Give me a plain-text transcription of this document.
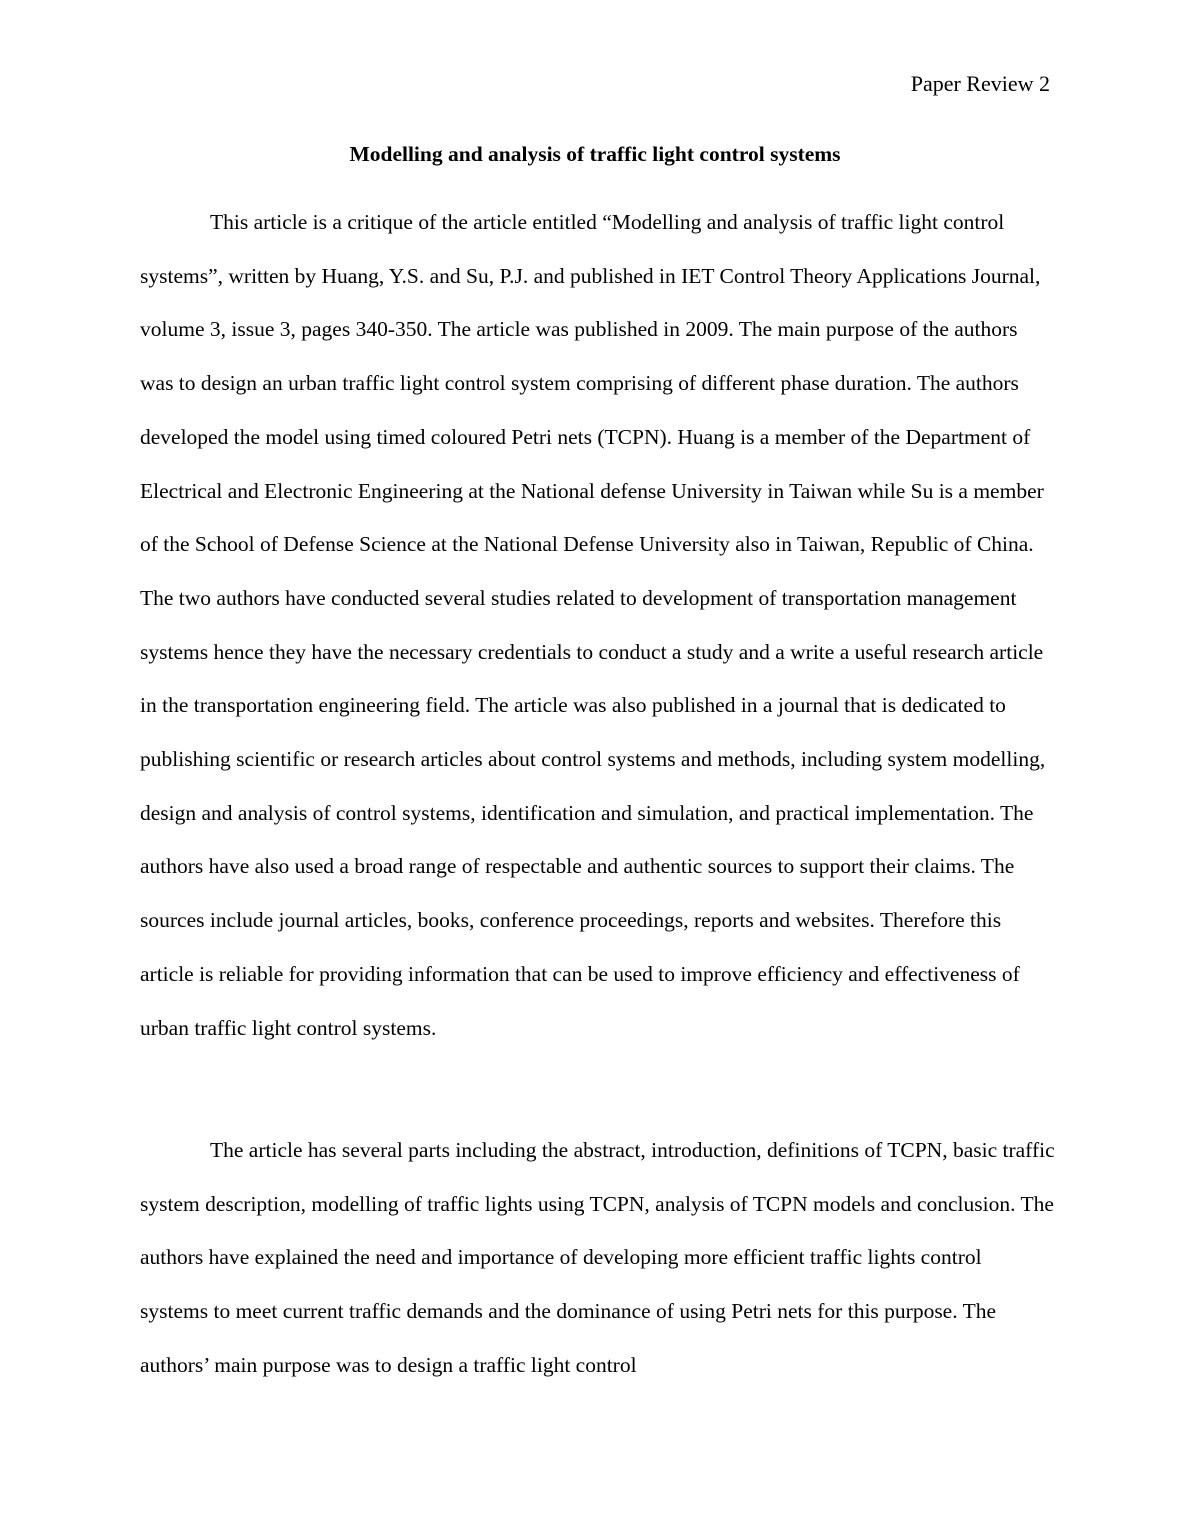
Paper Review 2
Modelling and analysis of traffic light control systems

This article is a critique of the article entitled “Modelling and analysis of traffic light control systems”, written by Huang, Y.S. and Su, P.J. and published in IET Control Theory Applications Journal, volume 3, issue 3, pages 340-350. The article was published in 2009. The main purpose of the authors was to design an urban traffic light control system comprising of different phase duration. The authors developed the model using timed coloured Petri nets (TCPN). Huang is a member of the Department of Electrical and Electronic Engineering at the National defense University in Taiwan while Su is a member of the School of Defense Science at the National Defense University also in Taiwan, Republic of China. The two authors have conducted several studies related to development of transportation management systems hence they have the necessary credentials to conduct a study and a write a useful research article in the transportation engineering field. The article was also published in a journal that is dedicated to publishing scientific or research articles about control systems and methods, including system modelling, design and analysis of control systems, identification and simulation, and practical implementation. The authors have also used a broad range of respectable and authentic sources to support their claims. The sources include journal articles, books, conference proceedings, reports and websites. Therefore this article is reliable for providing information that can be used to improve efficiency and effectiveness of urban traffic light control systems.

The article has several parts including the abstract, introduction, definitions of TCPN, basic traffic system description, modelling of traffic lights using TCPN, analysis of TCPN models and conclusion. The authors have explained the need and importance of developing more efficient traffic lights control systems to meet current traffic demands and the dominance of using Petri nets for this purpose. The authors’ main purpose was to design a traffic light control
